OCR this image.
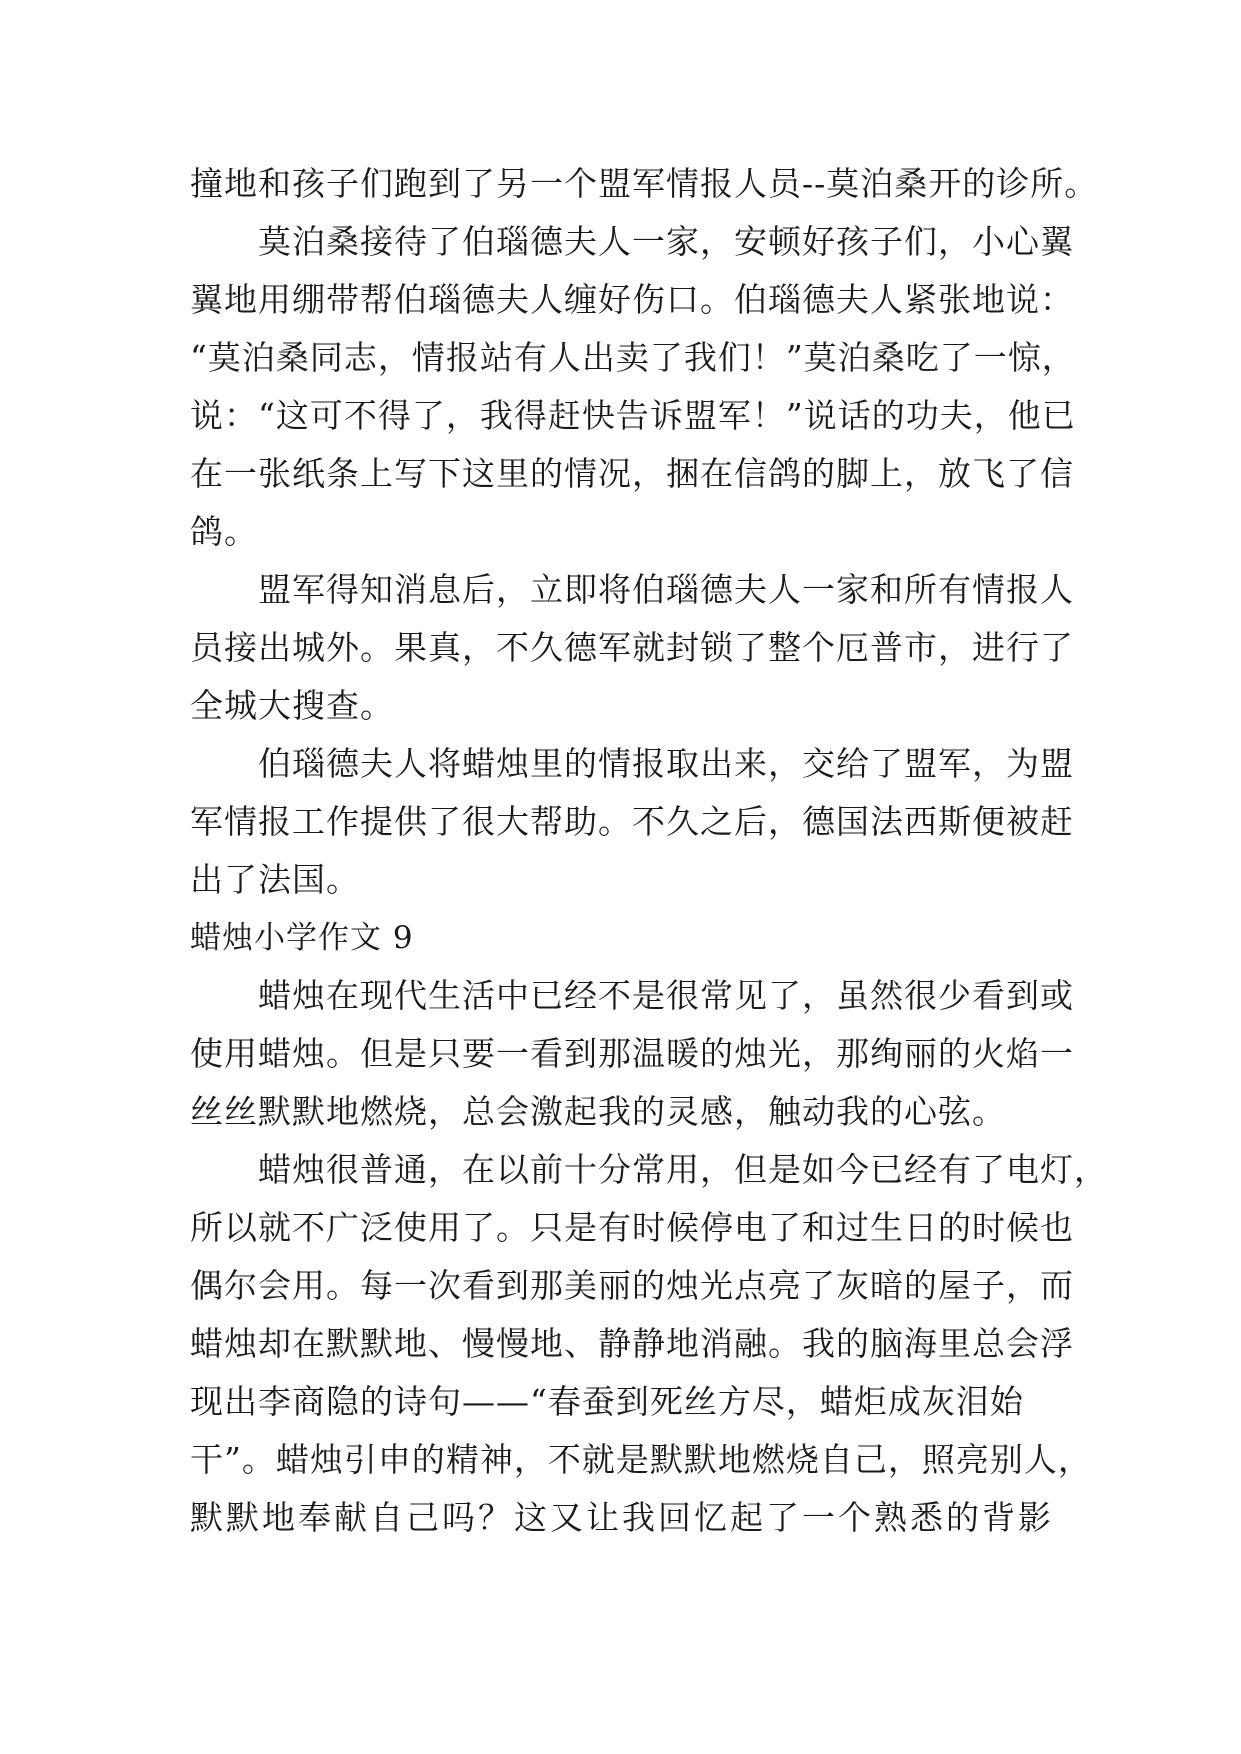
撞地和孩子们跑到了另一个盟军情报人员--莫泊桑开的诊所。
莫泊桑接待了伯瑙德夫人一家，安顿好孩子们，小心翼
翼地用绷带帮伯瑙德夫人缠好伤口。伯瑙德夫人紧张地说：
“莫泊桑同志，情报站有人出卖了我们！”莫泊桑吃了一惊，
说：“这可不得了，我得赶快告诉盟军！”说话的功夫，他已
在一张纸条上写下这里的情况，捆在信鸽的脚上，放飞了信
鸽。
盟军得知消息后，立即将伯瑙德夫人一家和所有情报人
员接出城外。果真，不久德军就封锁了整个厄普市，进行了
全城大搜查。
伯瑙德夫人将蜡烛里的情报取出来，交给了盟军，为盟
军情报工作提供了很大帮助。不久之后，德国法西斯便被赶
出了法国。
蜡烛小学作文 9
蜡烛在现代生活中已经不是很常见了，虽然很少看到或
使用蜡烛。但是只要一看到那温暖的烛光，那绚丽的火焰一
丝丝默默地燃烧，总会激起我的灵感，触动我的心弦。
蜡烛很普通，在以前十分常用，但是如今已经有了电灯，
所以就不广泛使用了。只是有时候停电了和过生日的时候也
偶尔会用。每一次看到那美丽的烛光点亮了灰暗的屋子，而
蜡烛却在默默地、慢慢地、静静地消融。我的脑海里总会浮
现出李商隐的诗句——“春蚕到死丝方尽，蜡炬成灰泪始
干”。蜡烛引申的精神，不就是默默地燃烧自己，照亮别人，
默默地奉献自己吗？这又让我回忆起了一个熟悉的背影
